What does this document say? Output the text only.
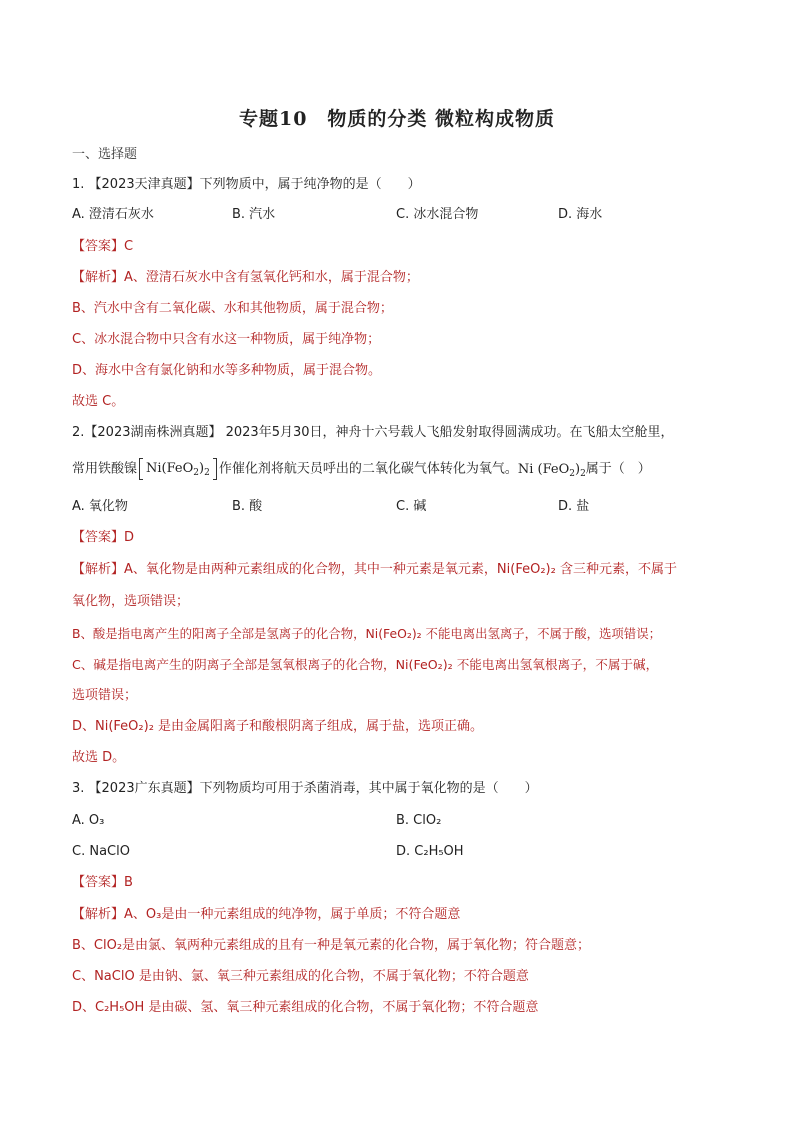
专题10　物质的分类 微粒构成物质
一、选择题
1. 【2023天津真题】下列物质中，属于纯净物的是（　　）
A. 澄清石灰水	B. 汽水	C. 冰水混合物	D. 海水
【答案】C
【解析】A、澄清石灰水中含有氢氧化钙和水，属于混合物；
B、汽水中含有二氧化碳、水和其他物质，属于混合物；
C、冰水混合物中只含有水这一种物质，属于纯净物；
D、海水中含有氯化钠和水等多种物质，属于混合物。
故选 C。
2.【2023湖南株洲真题】 2023年5月30日，神舟十六号载人飞船发射取得圆满成功。在飞船太空舱里，
常用铁酸镍 $Ni(FeO_2)_2$ 作催化剂将航天员呼出的二氧化碳气体转化为氧气。Ni $(FeO_2)_2$属于（　）
A. 氧化物	B. 酸	C. 碱	D. 盐
【答案】D
【解析】A、氧化物是由两种元素组成的化合物，其中一种元素是氧元素，Ni(FeO₂)₂ 含三种元素，不属于
氧化物，选项错误；
B、酸是指电离产生的阳离子全部是氢离子的化合物，Ni(FeO₂)₂ 不能电离出氢离子，不属于酸，选项错误；
C、碱是指电离产生的阴离子全部是氢氧根离子的化合物，Ni(FeO₂)₂ 不能电离出氢氧根离子，不属于碱，
选项错误；
D、Ni(FeO₂)₂ 是由金属阳离子和酸根阴离子组成，属于盐，选项正确。
故选 D。
3. 【2023广东真题】下列物质均可用于杀菌消毒，其中属于氧化物的是（　　）
A. O₃	B. ClO₂
C. NaClO	D. C₂H₅OH
【答案】B
【解析】A、O₃是由一种元素组成的纯净物，属于单质；不符合题意
B、ClO₂是由氯、氧两种元素组成的且有一种是氧元素的化合物，属于氧化物；符合题意；
C、NaClO 是由钠、氯、氧三种元素组成的化合物，不属于氧化物；不符合题意
D、C₂H₅OH 是由碳、氢、氧三种元素组成的化合物，不属于氧化物；不符合题意
